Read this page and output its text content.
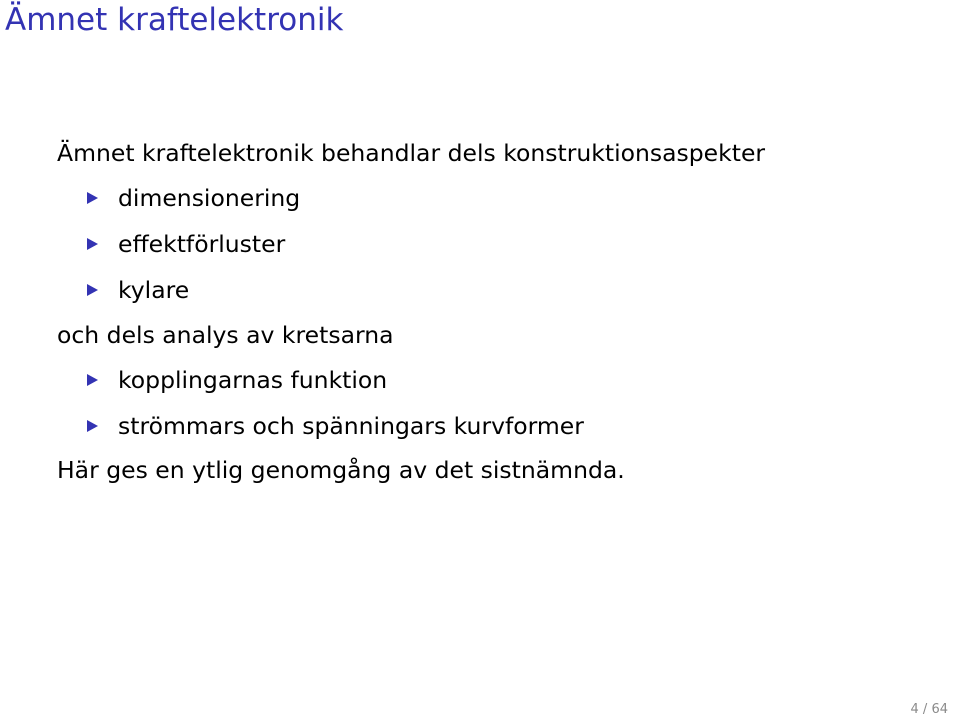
Ämnet kraftelektronik
Ämnet kraftelektronik behandlar dels konstruktionsaspekter
dimensionering
effektförluster
kylare
och dels analys av kretsarna
kopplingarnas funktion
strömmars och spänningars kurvformer
Här ges en ytlig genomgång av det sistnämnda.
4 / 64
